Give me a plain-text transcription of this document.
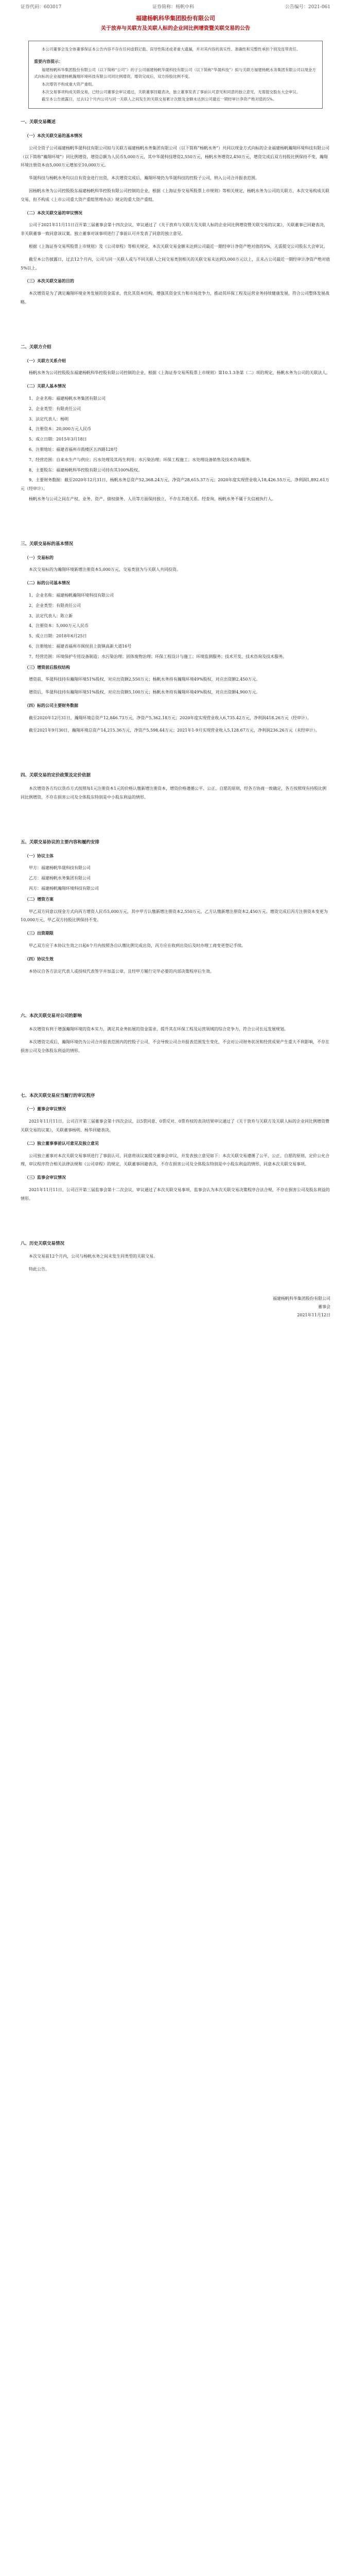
证券代码：603017	证券简称：杨帆中科	公告编号：2021-061
福建杨帆科华集团股份有限公司
关于放弃与关联方及关联人标的企业同比例增资暨关联交易的公告
本公司董事会及全体董事保证本公告内容不存在任何虚假记载、误导性陈述或者重大遗漏，并对其内容的真实性、准确性和完整性承担个别及连带责任。
重要内容提示：
福建杨帆科华集团股份有限公司（以下简称“公司”）的子公司福建杨帆华晟科技有限公司（以下简称“华晟科技”）拟与关联方福建杨帆水务集团有限公司以现金方式向标的企业福建杨帆瀚翔环境科技有限公司同比例增资，增资完成后，双方持股比例不变。
本次增资不构成重大资产重组。
本次交易事项构成关联交易，已经公司董事会审议通过，关联董事回避表决，独立董事发表了事前认可意见和同意的独立意见，无需提交股东大会审议。
截至本公告披露日，过去12个月内公司与同一关联人之间发生的关联交易累计次数及金额未达到公司最近一期经审计净资产绝对值的5%。

一、关联交易概述

（一）本次关联交易的基本情况

公司全资子公司福建杨帆华晟科技有限公司拟与关联方福建杨帆水务集团有限公司（以下简称“杨帆水务”）共同以现金方式向标的企业福建杨帆瀚翔环境科技有限公司（以下简称“瀚翔环境”）同比例增资，增资总额为人民币5,000万元，其中华晟科技增资2,550万元，杨帆水务增资2,450万元，增资完成后双方持股比例保持不变，瀚翔环境注册资本由5,000万元增加至10,000万元。

华晟科技与杨帆水务均以自有资金进行出资，本次增资完成后，瀚翔环境仍为华晟科技的控股子公司，纳入公司合并报表范围。

因杨帆水务为公司控股股东福建杨帆科华控股有限公司控制的企业，根据《上海证券交易所股票上市规则》等相关规定，杨帆水务为公司的关联方，本次交易构成关联交易，但不构成《上市公司重大资产重组管理办法》规定的重大资产重组。

（二）本次关联交易的审议情况

公司于2021年11月11日召开第三届董事会第十四次会议，审议通过了《关于放弃与关联方及关联人标的企业同比例增资暨关联交易的议案》，关联董事已回避表决，非关联董事一致同意该议案。独立董事对该事项进行了事前认可并发表了同意的独立意见。

根据《上海证券交易所股票上市规则》及《公司章程》等相关规定，本次关联交易金额未达到公司最近一期经审计净资产绝对值的5%，无需提交公司股东大会审议。

截至本公告披露日，过去12个月内，公司与同一关联人或与不同关联人之间交易类别相关的关联交易未达到3,000万元以上，且未占公司最近一期经审计净资产绝对值5%以上。

（三）本次关联交易的目的

本次增资是为了满足瀚翔环境业务发展的资金需求，优化其资本结构，增强其资金实力和市场竞争力，推动其环保工程及运营业务持续健康发展，符合公司整体发展战略。

二、关联方介绍

（一）关联方关系介绍

杨帆水务为公司控股股东福建杨帆科华控股有限公司控制的企业，根据《上海证券交易所股票上市规则》第10.1.3条第（二）项的规定，杨帆水务为公司的关联法人。

（二）关联人基本情况

1、企业名称：福建杨帆水务集团有限公司
2、企业类型：有限责任公司
3、法定代表人：杨明
4、注册资本：20,000万元人民币
5、成立日期：2015年3月18日
6、注册地址：福建省福州市鼓楼区五四路128号
7、经营范围：自来水生产与供应；污水处理及其再生利用；水污染治理；环保工程施工；水处理设备销售及技术咨询服务。
8、主要股东：福建杨帆科华控股有限公司持有其100%股权。
9、主要财务数据：截至2020年12月31日，杨帆水务总资产52,368.24万元，净资产28,615.37万元；2020年度实现营业收入18,426.55万元，净利润1,892.61万元（经审计）。

杨帆水务与公司之间在产权、业务、资产、债权债务、人员等方面保持独立，不存在其他关系。经查询，杨帆水务不属于失信被执行人。

三、关联交易标的基本情况

（一）交易标的

本次交易标的为瀚翔环境新增注册资本5,000万元，交易类别为与关联人共同投资。

（二）标的公司基本情况

1、企业名称：福建杨帆瀚翔环境科技有限公司
2、企业类型：有限责任公司
3、法定代表人：陈立新
4、注册资本：5,000万元人民币
5、成立日期：2018年6月25日
6、注册地址：福建省福州市闽侯县上街镇高新大道16号
7、经营范围：环境保护专用设备制造；水污染治理；固体废物治理；环保工程设计与施工；环境监测服务；技术开发、技术咨询及技术服务。

（三）增资前后股权结构

增资前，华晟科技持有瀚翔环境51%股权，对应出资额2,550万元；杨帆水务持有瀚翔环境49%股权，对应出资额2,450万元。

增资后，华晟科技持有瀚翔环境51%股权，对应出资额5,100万元；杨帆水务持有瀚翔环境49%股权，对应出资额4,900万元。

（四）标的公司主要财务数据

截至2020年12月31日，瀚翔环境总资产12,846.73万元，净资产5,362.18万元；2020年度实现营业收入6,735.42万元，净利润418.26万元（经审计）。

截至2021年9月30日，瀚翔环境总资产14,215.36万元，净资产5,598.44万元；2021年1-9月实现营业收入5,128.67万元，净利润236.26万元（未经审计）。

四、关联交易的定价政策及定价依据

本次增资各方均以货币方式按照每1元注册资本1元的价格认缴新增注册资本，增资价格遵循公平、公正、自愿的原则，经各方协商一致确定，各方按照现有持股比例同比例增资，不存在损害公司及全体股东特别是中小股东利益的情形。

五、关联交易协议的主要内容和履约安排

（一）协议主体

甲方：福建杨帆华晟科技有限公司
乙方：福建杨帆水务集团有限公司
丙方：福建杨帆瀚翔环境科技有限公司

（二）增资方案

甲乙双方同意以现金方式向丙方增资人民币5,000万元，其中甲方认缴新增注册资本2,550万元，乙方认缴新增注册资本2,450万元。增资完成后丙方注册资本变更为10,000万元，甲乙双方持股比例保持不变。

（三）出资期限

甲乙双方应于本协议生效之日起6个月内按照各自认缴比例完成出资，丙方应在收到出资后及时办理工商变更登记手续。

（四）协议生效

本协议自各方法定代表人或授权代表签字并加盖公章，且经甲方履行完毕必要的内部决策程序后生效。

六、本次关联交易对公司的影响

本次增资有利于增强瀚翔环境的资本实力，满足其业务拓展的资金需求，提升其在环保工程及运营领域的综合竞争力，符合公司长远发展规划。

本次增资完成后，瀚翔环境仍为公司合并报表范围内的控股子公司，不会导致公司合并报表范围发生变化，不会对公司财务状况和经营成果产生重大不利影响，不存在损害公司及全体股东利益的情形。

七、本次关联交易应当履行的审议程序

（一）董事会审议情况

2021年11月11日，公司召开第三届董事会第十四次会议，以5票同意、0票反对、0票弃权的表决结果审议通过了《关于放弃与关联方及关联人标的企业同比例增资暨关联交易的议案》，关联董事杨明、杨华回避表决。

（二）独立董事事前认可意见及独立意见

公司独立董事对本次关联交易事项进行了事前认可，同意将该议案提交董事会审议，并发表独立意见如下：本次关联交易遵循了公平、公正、自愿的原则，定价公允合理，审议程序符合相关法律法规和《公司章程》的规定，关联董事回避表决，不存在损害公司及全体股东特别是中小股东利益的情形，同意本次关联交易事项。

（三）监事会审议情况

2021年11月11日，公司召开第三届监事会第十二次会议，审议通过了本次关联交易事项，监事会认为本次关联交易决策程序合法合规，不存在损害公司及股东利益的情形。

八、历史关联交易情况

本次交易前12个月内，公司与杨帆水务之间未发生同类型的关联交易。

特此公告。

福建杨帆科华集团股份有限公司
董事会
2021年11月12日
